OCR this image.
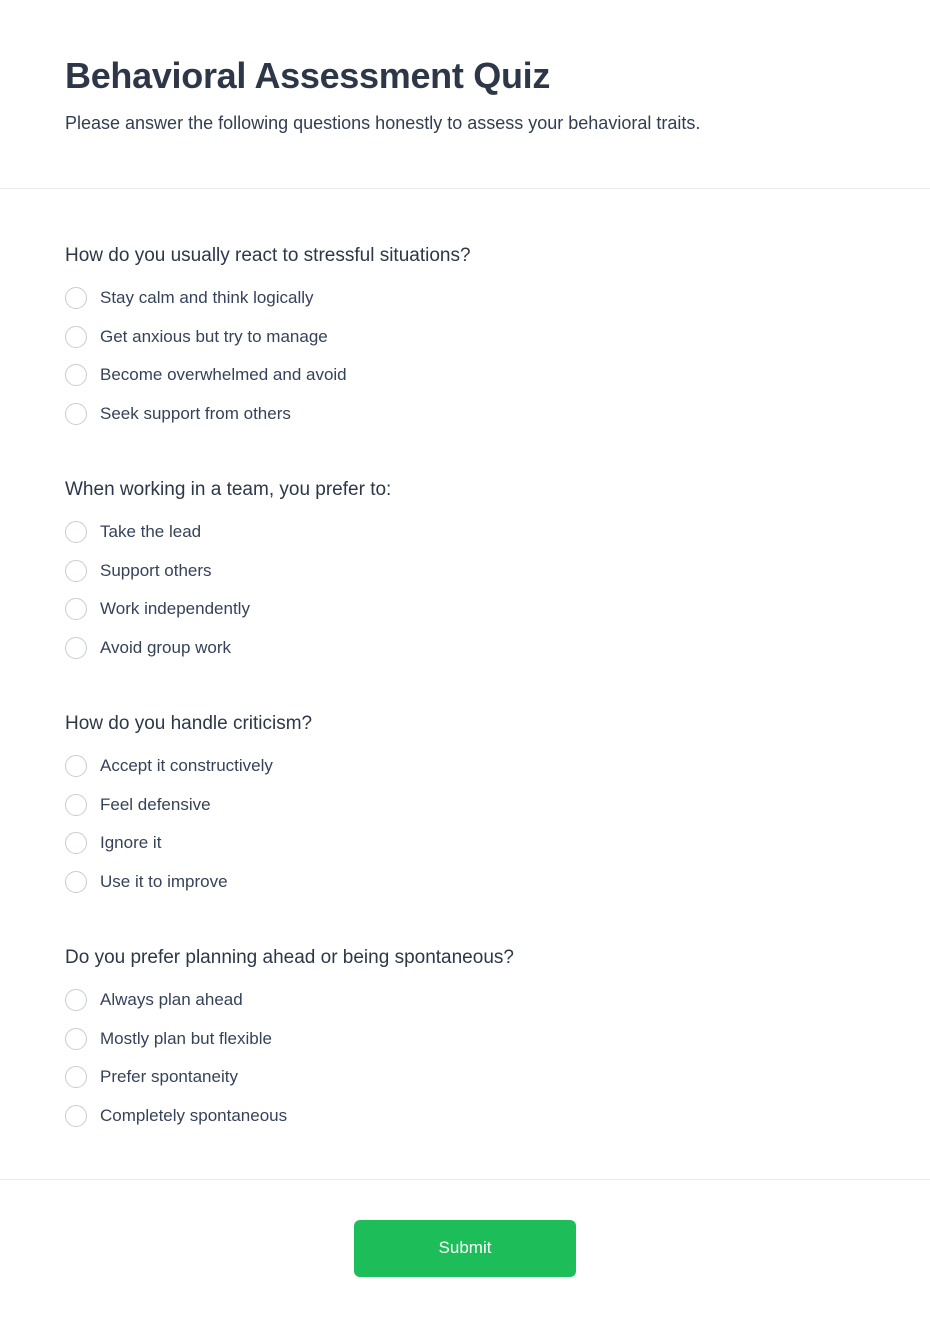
Behavioral Assessment Quiz

Please answer the following questions honestly to assess your behavioral traits.

How do you usually react to stressful situations?
Stay calm and think logically
Get anxious but try to manage
Become overwhelmed and avoid
Seek support from others
When working in a team, you prefer to:
Take the lead
Support others
Work independently
Avoid group work
How do you handle criticism?
Accept it constructively
Feel defensive
Ignore it
Use it to improve
Do you prefer planning ahead or being spontaneous?
Always plan ahead
Mostly plan but flexible
Prefer spontaneity
Completely spontaneous
Submit
